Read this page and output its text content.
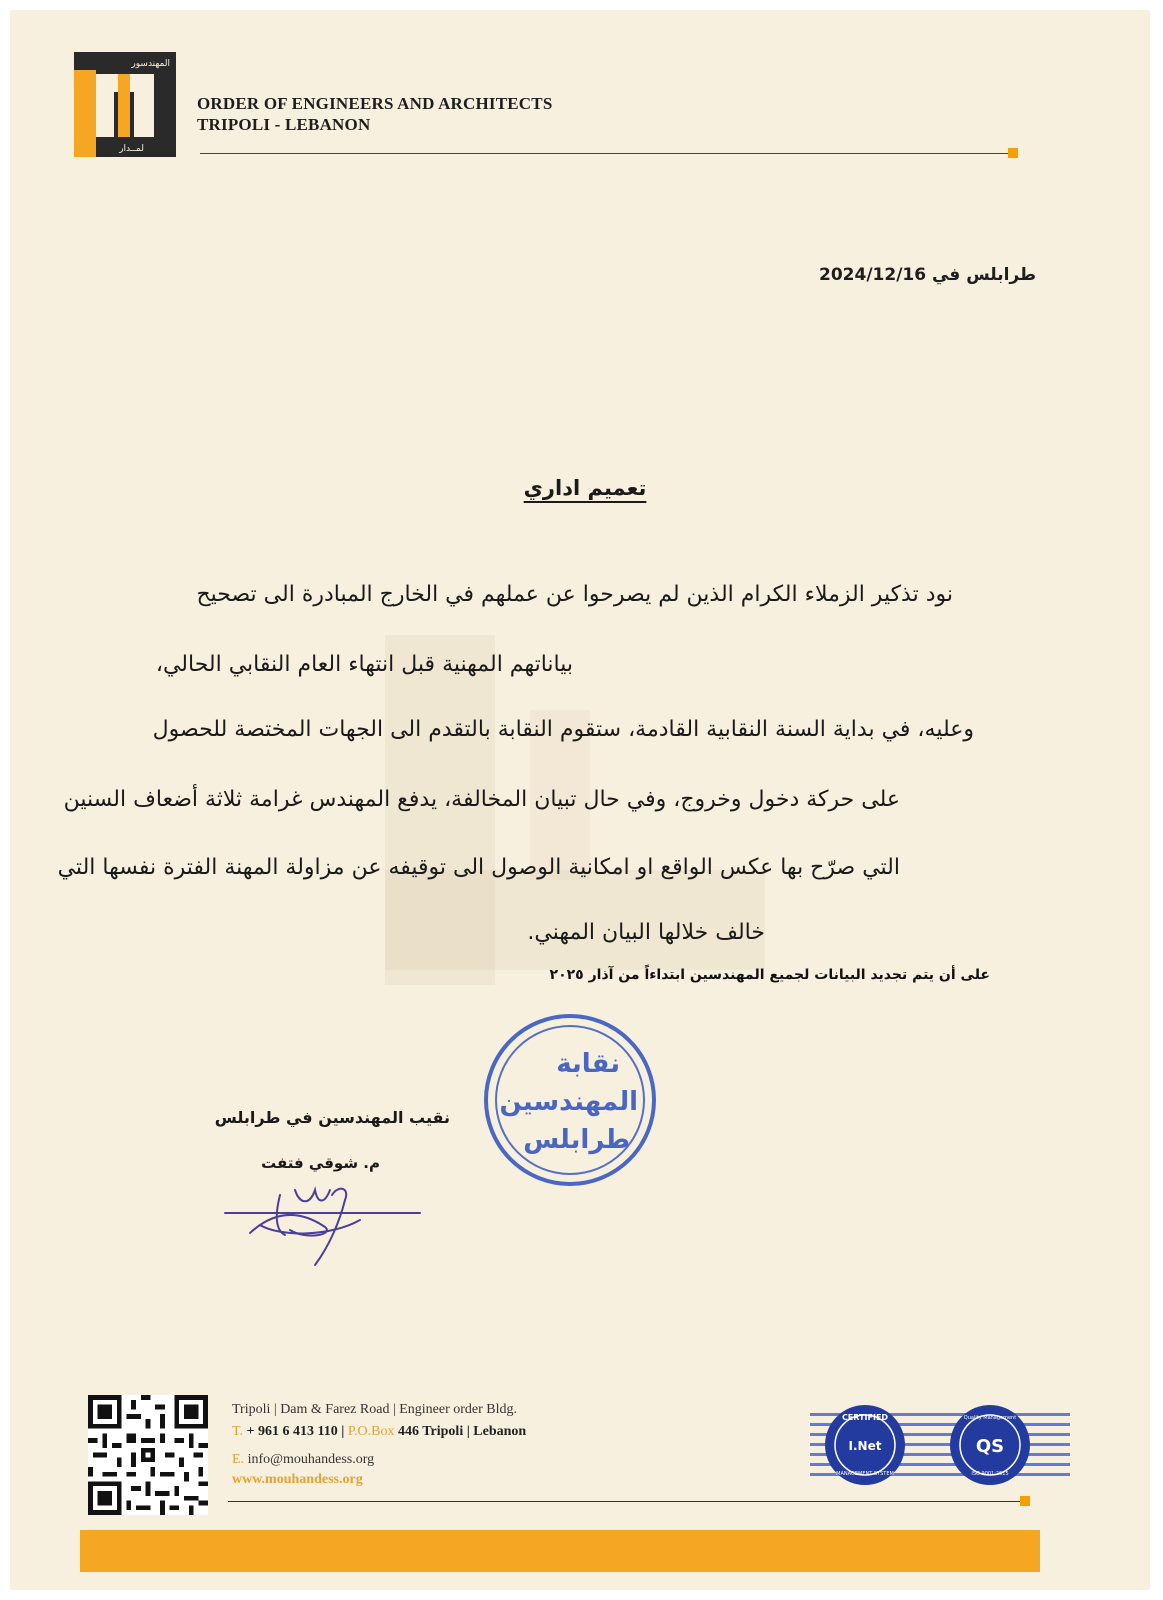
المهندسور
لمــدار
ORDER OF ENGINEERS AND ARCHITECTS
TRIPOLI - LEBANON
طرابلس في 2024/12/16
تعميم اداري
نود تذكير الزملاء الكرام الذين لم يصرحوا عن عملهم في الخارج المبادرة الى تصحيح
بياناتهم المهنية قبل انتهاء العام النقابي الحالي،
وعليه، في بداية السنة النقابية القادمة، ستقوم النقابة بالتقدم الى الجهات المختصة للحصول
على حركة دخول وخروج، وفي حال تبيان المخالفة، يدفع المهندس غرامة ثلاثة أضعاف السنين
التي صرّح بها عكس الواقع او امكانية الوصول الى توقيفه عن مزاولة المهنة الفترة نفسها التي
خالف خلالها البيان المهني.
على أن يتم تجديد البيانات لجميع المهندسين ابتداءاً من آذار ٢٠٢٥
نقابة
المهندسين
طرابلس
نقيب المهندسين في طرابلس
م. شوقي فتفت
Tripoli | Dam & Farez Road | Engineer order Bldg.
T. + 961 6 413 110 | P.O.Box 446 Tripoli | Lebanon
E. info@mouhandess.org
www.mouhandess.org
CERTIFIED
I.Net
MANAGEMENT SYSTEM
Quality Management
QS
ISO 9001:2015
